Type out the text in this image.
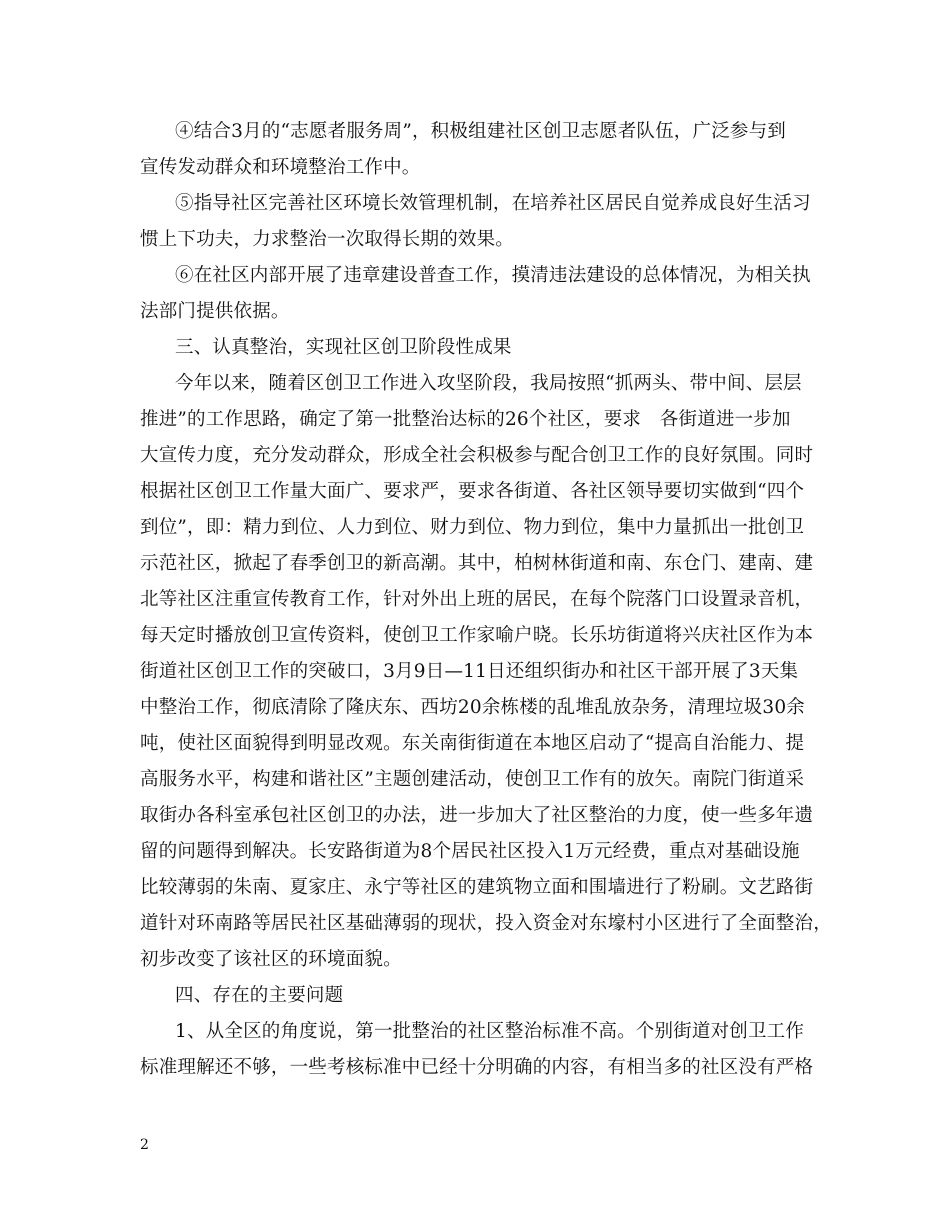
④结合3月的“志愿者服务周”，积极组建社区创卫志愿者队伍，广泛参与到
宣传发动群众和环境整治工作中。
⑤指导社区完善社区环境长效管理机制，在培养社区居民自觉养成良好生活习
惯上下功夫，力求整治一次取得长期的效果。
⑥在社区内部开展了违章建设普查工作，摸清违法建设的总体情况，为相关执
法部门提供依据。
三、认真整治，实现社区创卫阶段性成果
今年以来，随着区创卫工作进入攻坚阶段，我局按照“抓两头、带中间、层层
推进”的工作思路，确定了第一批整治达标的26个社区，要求　各街道进一步加
大宣传力度，充分发动群众，形成全社会积极参与配合创卫工作的良好氛围。同时
根据社区创卫工作量大面广、要求严，要求各街道、各社区领导要切实做到“四个
到位”，即：精力到位、人力到位、财力到位、物力到位，集中力量抓出一批创卫
示范社区，掀起了春季创卫的新高潮。其中，柏树林街道和南、东仓门、建南、建
北等社区注重宣传教育工作，针对外出上班的居民，在每个院落门口设置录音机，
每天定时播放创卫宣传资料，使创卫工作家喻户晓。长乐坊街道将兴庆社区作为本
街道社区创卫工作的突破口，3月9日—11日还组织街办和社区干部开展了3天集
中整治工作，彻底清除了隆庆东、西坊20余栋楼的乱堆乱放杂务，清理垃圾30余
吨，使社区面貌得到明显改观。东关南街街道在本地区启动了“提高自治能力、提
高服务水平，构建和谐社区”主题创建活动，使创卫工作有的放矢。南院门街道采
取街办各科室承包社区创卫的办法，进一步加大了社区整治的力度，使一些多年遗
留的问题得到解决。长安路街道为8个居民社区投入1万元经费，重点对基础设施
比较薄弱的朱南、夏家庄、永宁等社区的建筑物立面和围墙进行了粉刷。文艺路街
道针对环南路等居民社区基础薄弱的现状，投入资金对东壕村小区进行了全面整治，
初步改变了该社区的环境面貌。
四、存在的主要问题
1、从全区的角度说，第一批整治的社区整治标准不高。个别街道对创卫工作
标准理解还不够，一些考核标准中已经十分明确的内容，有相当多的社区没有严格
2
